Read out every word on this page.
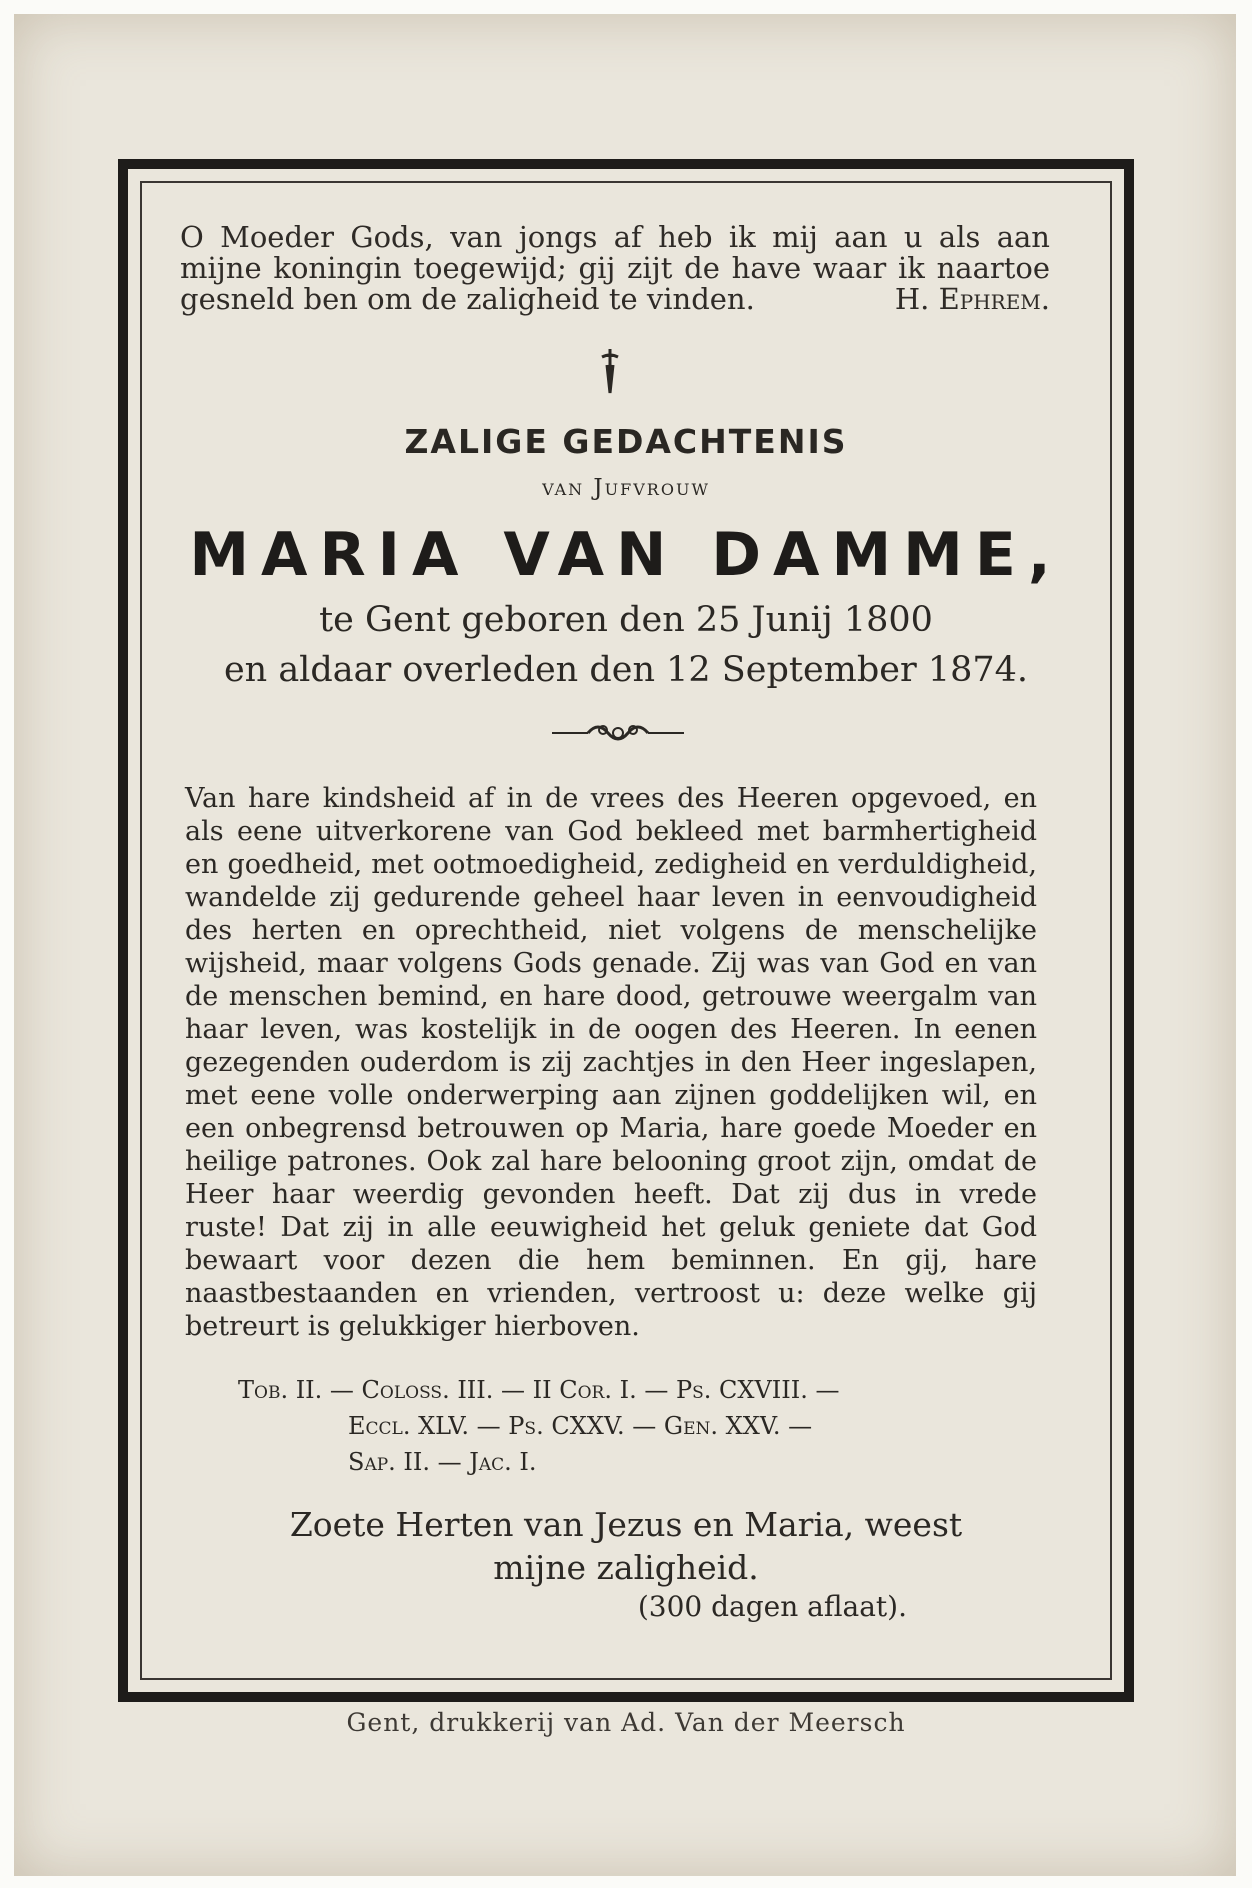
O Moeder Gods, van jongs af heb ik mij aan u als aan mijne koningin toegewijd; gij zijt de have waar ik naartoe gesneld ben om de zaligheid te vinden.	H. Ephrem.
ZALIGE GEDACHTENIS
van Jufvrouw
MARIA VAN DAMME,
te Gent geboren den 25 Junij 1800
en aldaar overleden den 12 September 1874.
Van hare kindsheid af in de vrees des Heeren opgevoed, en als eene uitverkorene van God bekleed met barmhertigheid en goedheid, met ootmoedigheid, zedigheid en verduldigheid, wandelde zij gedurende geheel haar leven in eenvoudigheid des herten en oprechtheid, niet volgens de menschelijke wijsheid, maar volgens Gods genade. Zij was van God en van de menschen bemind, en hare dood, getrouwe weergalm van haar leven, was kostelijk in de oogen des Heeren. In eenen gezegenden ouderdom is zij zachtjes in den Heer ingeslapen, met eene volle onderwerping aan zijnen goddelijken wil, en een onbegrensd betrouwen op Maria, hare goede Moeder en heilige patrones. Ook zal hare belooning groot zijn, omdat de Heer haar weerdig gevonden heeft. Dat zij dus in vrede ruste! Dat zij in alle eeuwigheid het geluk geniete dat God bewaart voor dezen die hem beminnen. En gij, hare naastbestaanden en vrienden, vertroost u: deze welke gij betreurt is gelukkiger hierboven.
Tob. II. — Coloss. III. — II Cor. I. — Ps. CXVIII. —
Eccl. XLV. — Ps. CXXV. — Gen. XXV. —
Sap. II. — Jac. I.
Zoete Herten van Jezus en Maria, weest
mijne zaligheid.
(300 dagen aflaat).
Gent, drukkerij van Ad. Van der Meersch
